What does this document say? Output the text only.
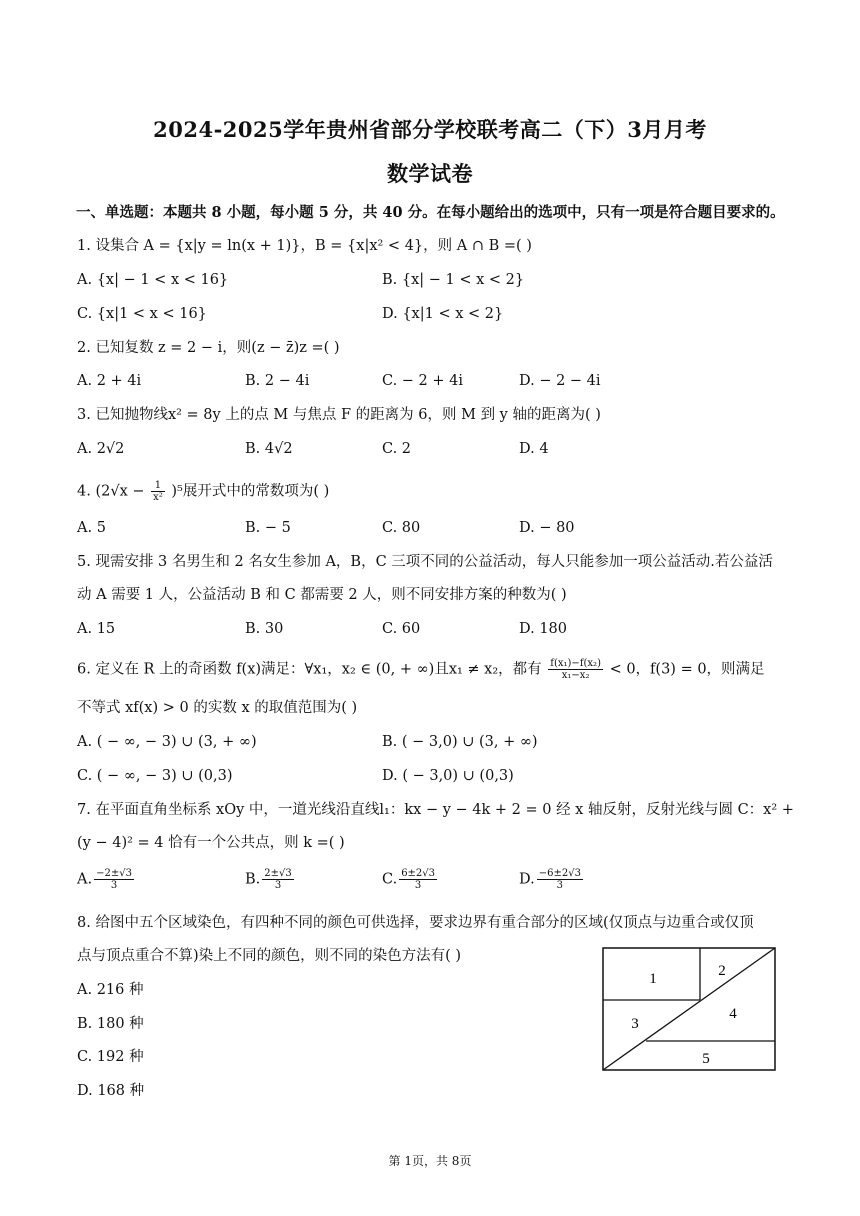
2024-2025学年贵州省部分学校联考高二（下）3月月考
数学试卷
一、单选题：本题共 8 小题，每小题 5 分，共 40 分。在每小题给出的选项中，只有一项是符合题目要求的。
1. 设集合 A = {x|y = ln(x + 1)}，B = {x|x² < 4}，则 A ∩ B =( )
A. {x| − 1 < x < 16}	B. {x| − 1 < x < 2}
C. {x|1 < x < 16}	D. {x|1 < x < 2}
2. 已知复数 z = 2 − i，则(z − z̄)z =( )
A. 2 + 4i	B. 2 − 4i	C. − 2 + 4i	D. − 2 − 4i
3. 已知抛物线x² = 8y 上的点 M 与焦点 F 的距离为 6，则 M 到 y 轴的距离为( )
A. 2√2	B. 4√2	C. 2	D. 4
4. $(2√x - \frac{1}{\text{x²}} )^5$展开式中的常数项为( )
A. 5	B. − 5	C. 80	D. − 80
5. 现需安排 3 名男生和 2 名女生参加 A，B，C 三项不同的公益活动，每人只能参加一项公益活动.若公益活
动 A 需要 1 人，公益活动 B 和 C 都需要 2 人，则不同安排方案的种数为( )
A. 15	B. 30	C. 60	D. 180
6. 定义在 R 上的奇函数 f(x)满足：∀x₁，x₂ ∈ (0, + ∞)且x₁ ≠ x₂，都有 $\frac{\text{f(x₁)−f(x₂)}}{\text{x₁−x₂}} < 0$，f(3) = 0，则满足
不等式 xf(x) > 0 的实数 x 的取值范围为( )
A. ( − ∞, − 3) ∪ (3, + ∞)	B. ( − 3,0) ∪ (3, + ∞)
C. ( − ∞, − 3) ∪ (0,3)	D. ( − 3,0) ∪ (0,3)
7. 在平面直角坐标系 xOy 中，一道光线沿直线l₁：kx − y − 4k + 2 = 0 经 x 轴反射，反射光线与圆 C：x² +
(y − 4)² = 4 恰有一个公共点，则 k =( )
A. $\frac{-2\pm√3}{3}$	B. $\frac{2\pm√3}{3}$	C. $\frac{6\pm 2√3}{3}$	D. $\frac{-6\pm 2√3}{3}$
8. 给图中五个区域染色，有四种不同的颜色可供选择，要求边界有重合部分的区域(仅顶点与边重合或仅顶
点与顶点重合不算)染上不同的颜色，则不同的染色方法有( )
A. 216 种
B. 180 种
C. 192 种
D. 168 种
1	2
3
4
5
第 1页，共 8页
